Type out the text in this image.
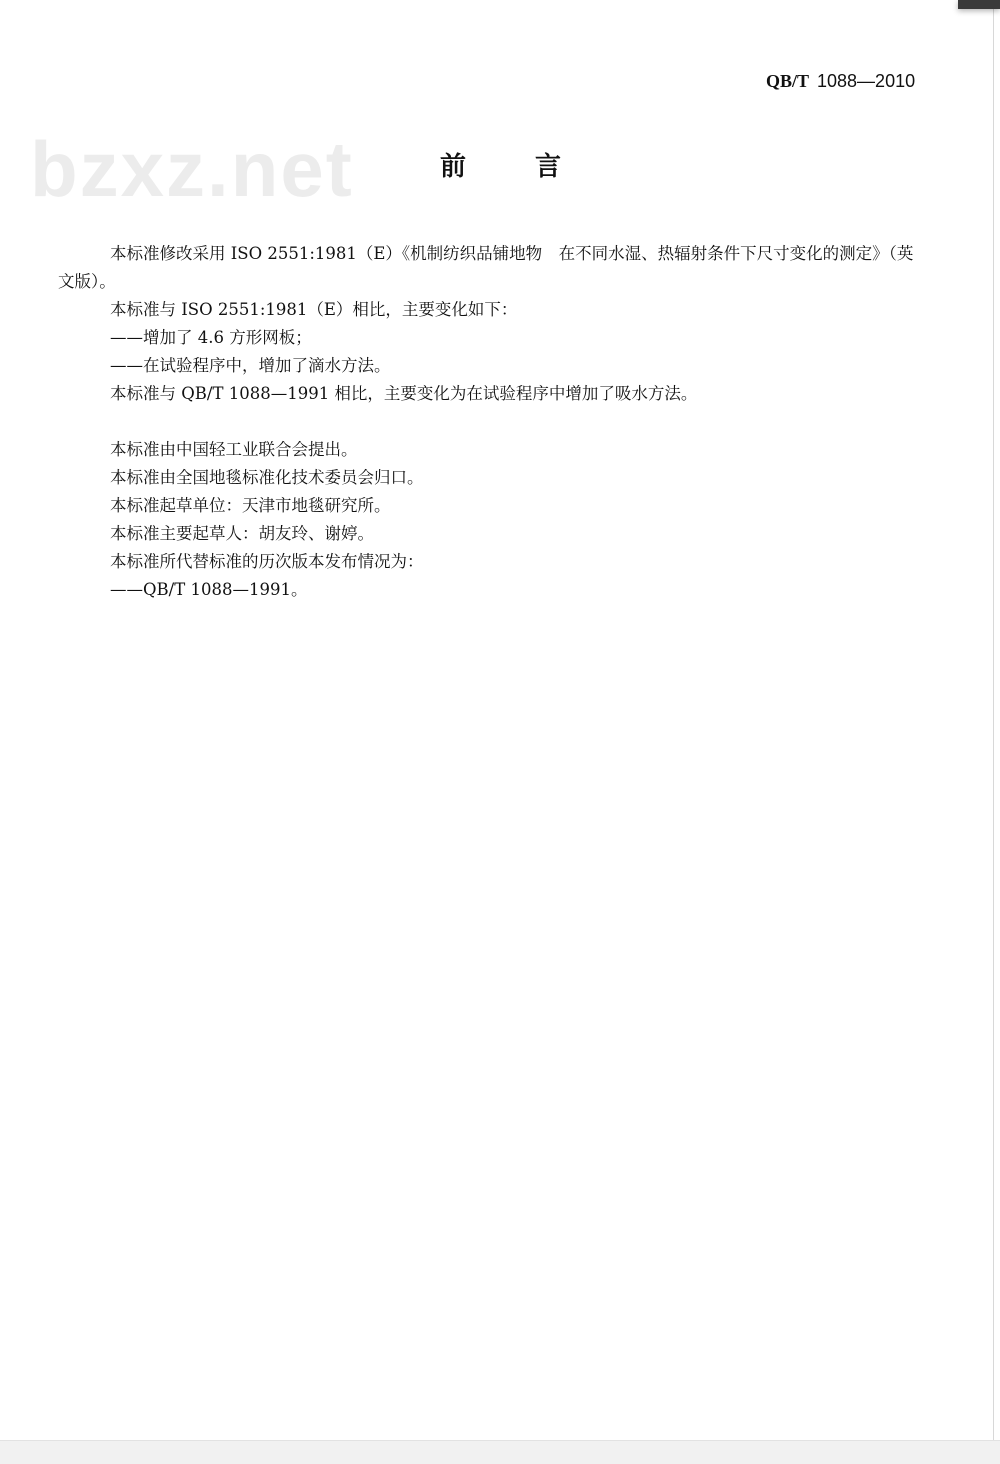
QB/T 1088—2010
bzxz.net	前 言

本标准修改采用 ISO 2551:1981（E）《机制纺织品铺地物　在不同水湿、热辐射条件下尺寸变化的测定》（英文版）。

本标准与 ISO 2551:1981（E）相比，主要变化如下：

——增加了 4.6 方形网板；

——在试验程序中，增加了滴水方法。

本标准与 QB/T 1088—1991 相比，主要变化为在试验程序中增加了吸水方法。

本标准由中国轻工业联合会提出。

本标准由全国地毯标准化技术委员会归口。

本标准起草单位：天津市地毯研究所。

本标准主要起草人：胡友玲、谢婷。

本标准所代替标准的历次版本发布情况为：

——QB/T 1088—1991。
